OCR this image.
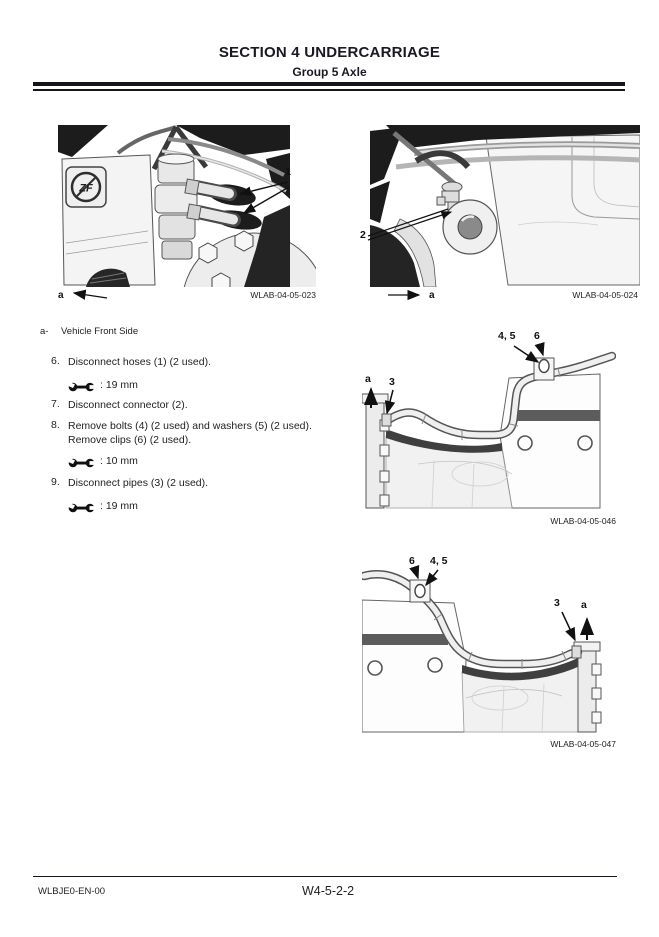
SECTION 4 UNDERCARRIAGE
Group 5 Axle
ZF
1
a	WLAB-04-05-023
2
a	WLAB-04-05-024
a- Vehicle Front Side
6. Disconnect hoses (1) (2 used).
: 19 mm
7. Disconnect connector (2).
8. Remove bolts (4) (2 used) and washers (5) (2 used).
Remove clips (6) (2 used).
: 10 mm
9. Disconnect pipes (3) (2 used).
: 19 mm
4, 5 6
a 3
WLAB-04-05-046
6 4, 5
3 a
WLAB-04-05-047
WLBJE0-EN-00	W4-5-2-2
